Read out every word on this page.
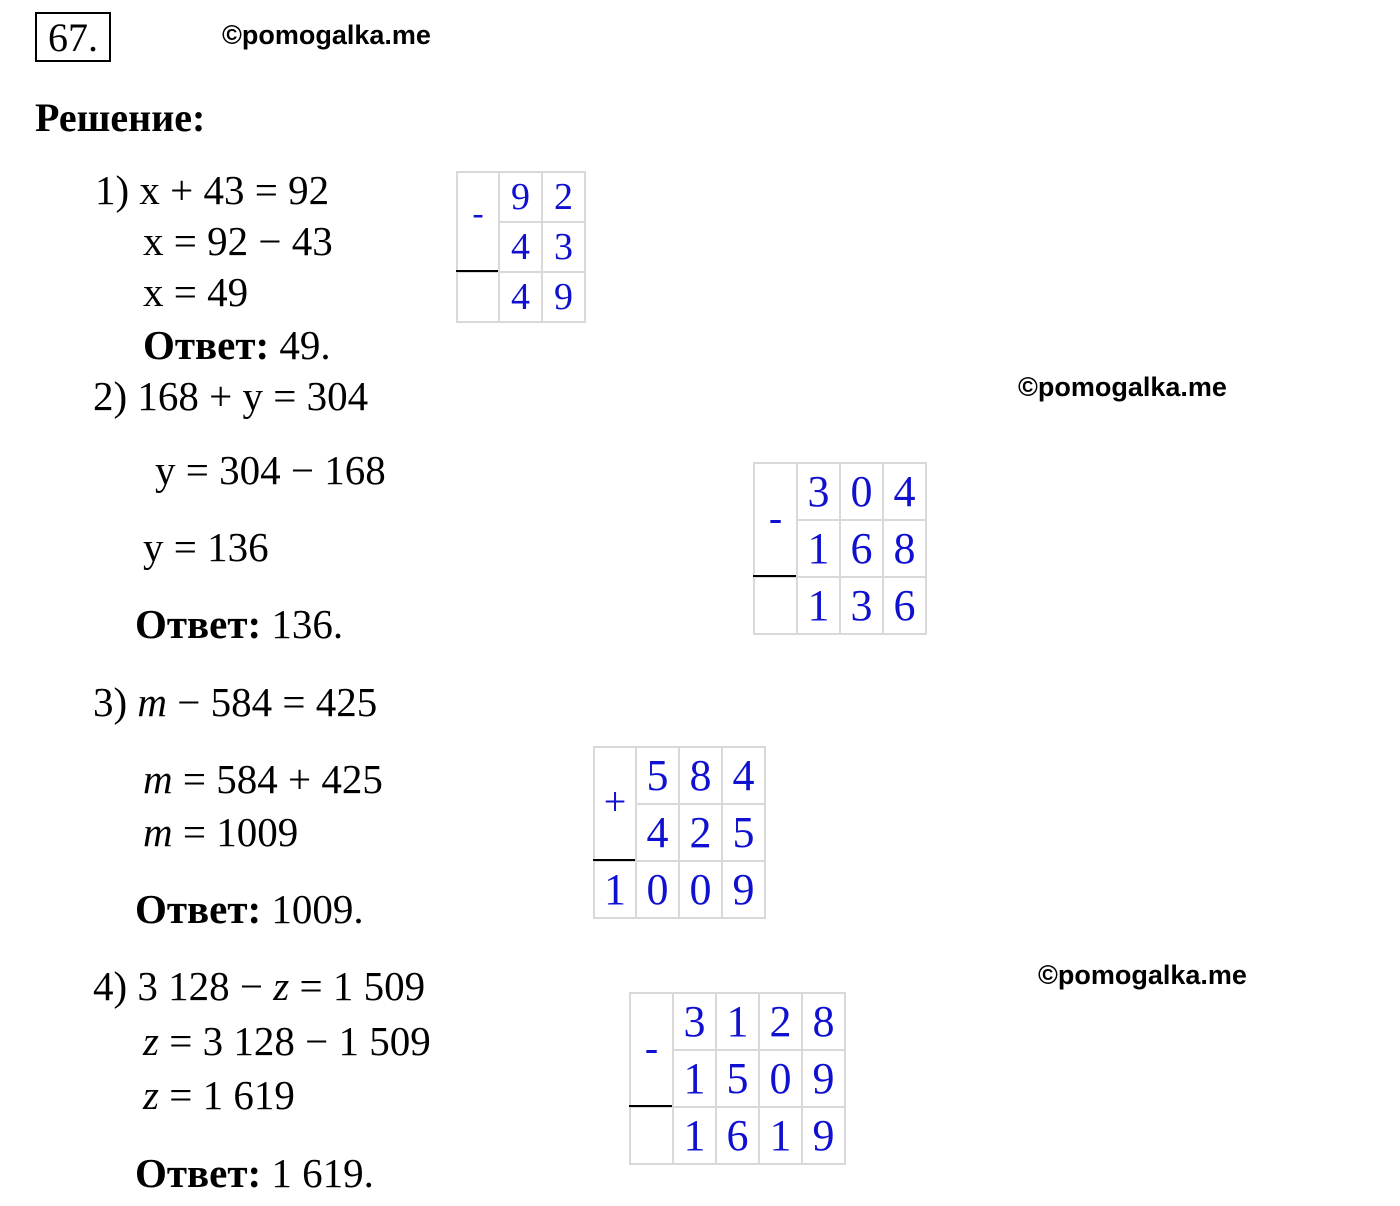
67.	©pomogalka.me
Решение:
1) x + 43 = 92
x = 92 − 43
x = 49
Ответ: 49.
- 9 2
4 3
4 9
©pomogalka.me
2) 168 + y = 304
y = 304 − 168
y = 136
Ответ: 136.
-
3 0 4
1 6 8
1 3 6
3) m − 584 = 425
m = 584 + 425
m = 1009
Ответ: 1009.
+
5 8 4
4 2 5
1 0 0 9
©pomogalka.me
4) 3 128 − z = 1 509
z = 3 128 − 1 509
z = 1 619
Ответ: 1 619.
-
3 1 2 8
1 5 0 9
1 6 1 9
